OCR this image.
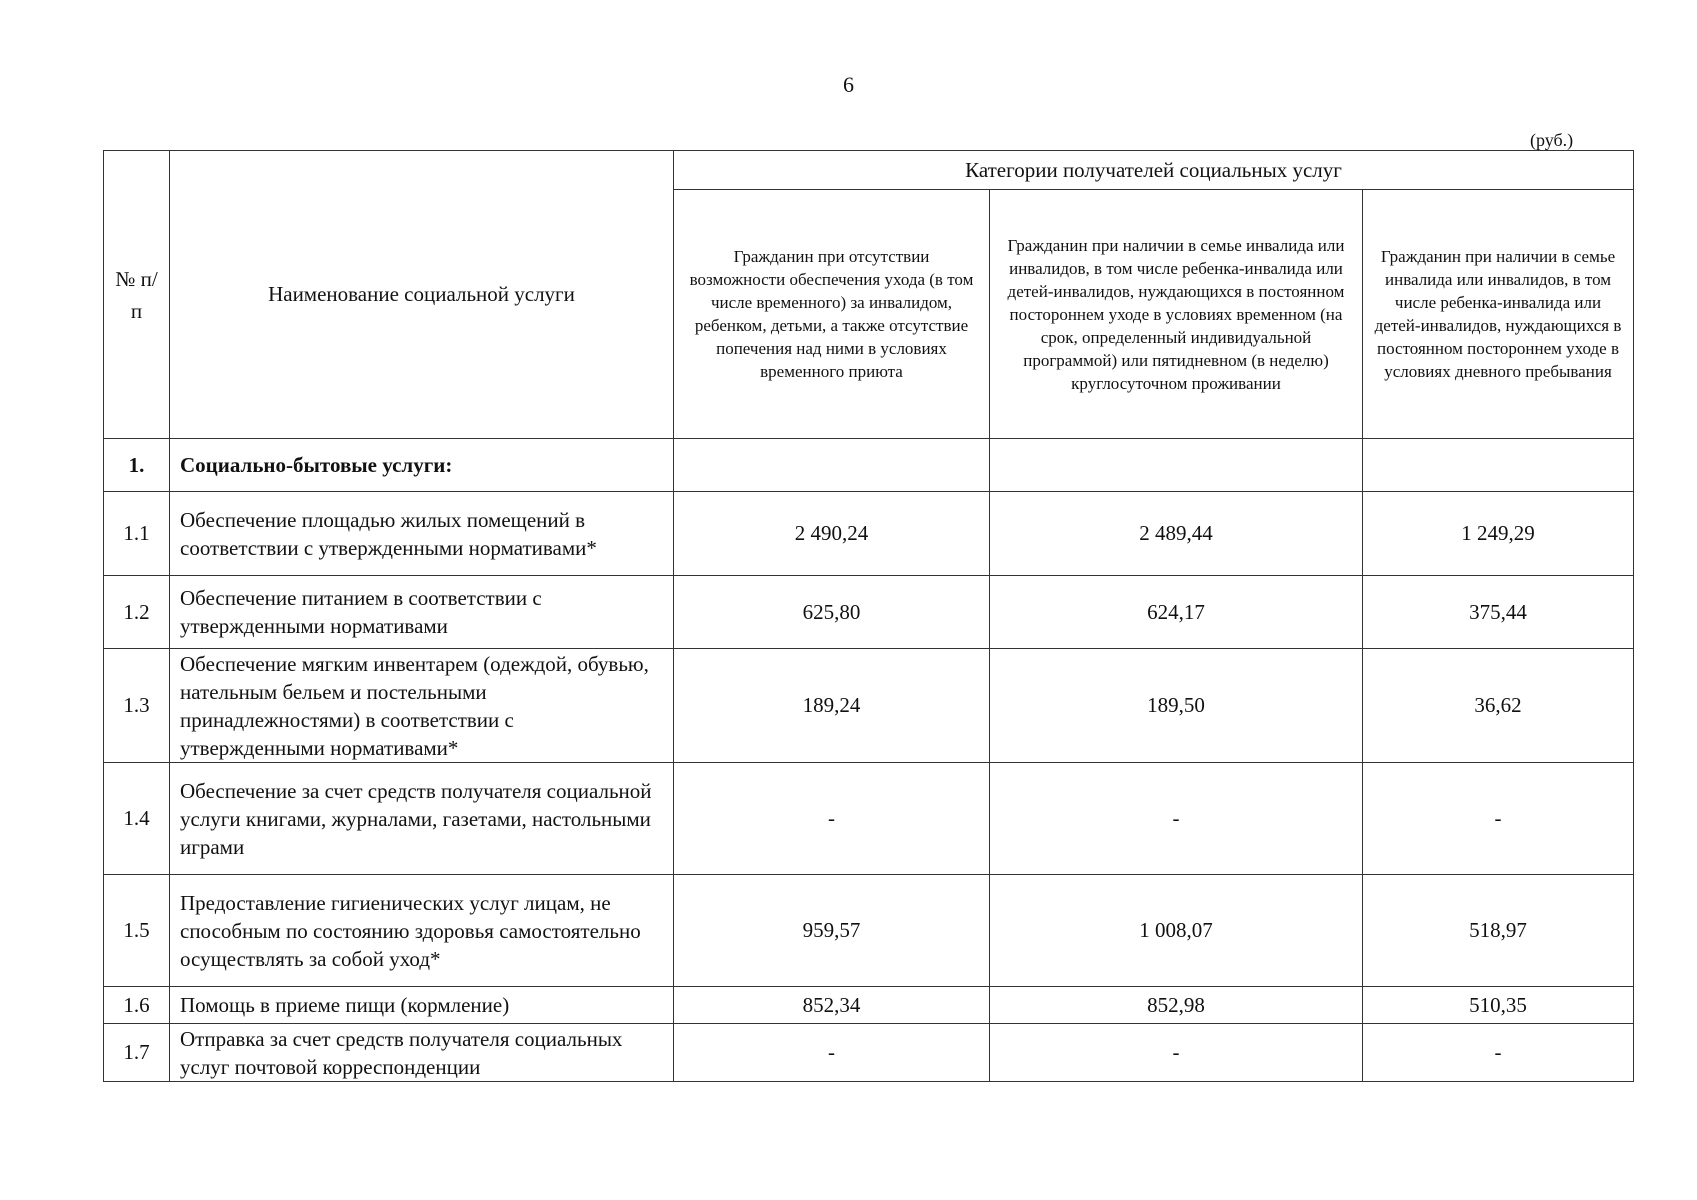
6
(руб.)
№ п/п	Наименование социальной услуги	Категории получателей социальных услуг		
		Гражданин при отсутствии возможности обеспечения ухода (в том числе временного) за инвалидом, ребенком, детьми, а также отсутствие попечения над ними в условиях временного приюта	Гражданин при наличии в семье инвалида или инвалидов, в том числе ребенка-инвалида или детей-инвалидов, нуждающихся в постоянном постороннем уходе в условиях временном (на срок, определенный индивидуальной программой) или пятидневном (в неделю) круглосуточном проживании	Гражданин при наличии в семье инвалида или инвалидов, в том числе ребенка-инвалида или детей-инвалидов, нуждающихся в постоянном постороннем уходе в условиях дневного пребывания
1.	Социально-бытовые услуги:			
1.1	Обеспечение площадью жилых помещений в соответствии с утвержденными нормативами*	2 490,24	2 489,44	1 249,29
1.2	Обеспечение питанием в соответствии с утвержденными нормативами	625,80	624,17	375,44
1.3	Обеспечение мягким инвентарем (одеждой, обувью, нательным бельем и постельными принадлежностями) в соответствии с утвержденными нормативами*	189,24	189,50	36,62
1.4	Обеспечение за счет средств получателя социальной услуги книгами, журналами, газетами, настольными играми	-	-	-
1.5	Предоставление гигиенических услуг лицам, не способным по состоянию здоровья самостоятельно осуществлять за собой уход*	959,57	1 008,07	518,97
1.6	Помощь в приеме пищи (кормление)	852,34	852,98	510,35
1.7	Отправка за счет средств получателя социальных услуг почтовой корреспонденции	-	-	-
